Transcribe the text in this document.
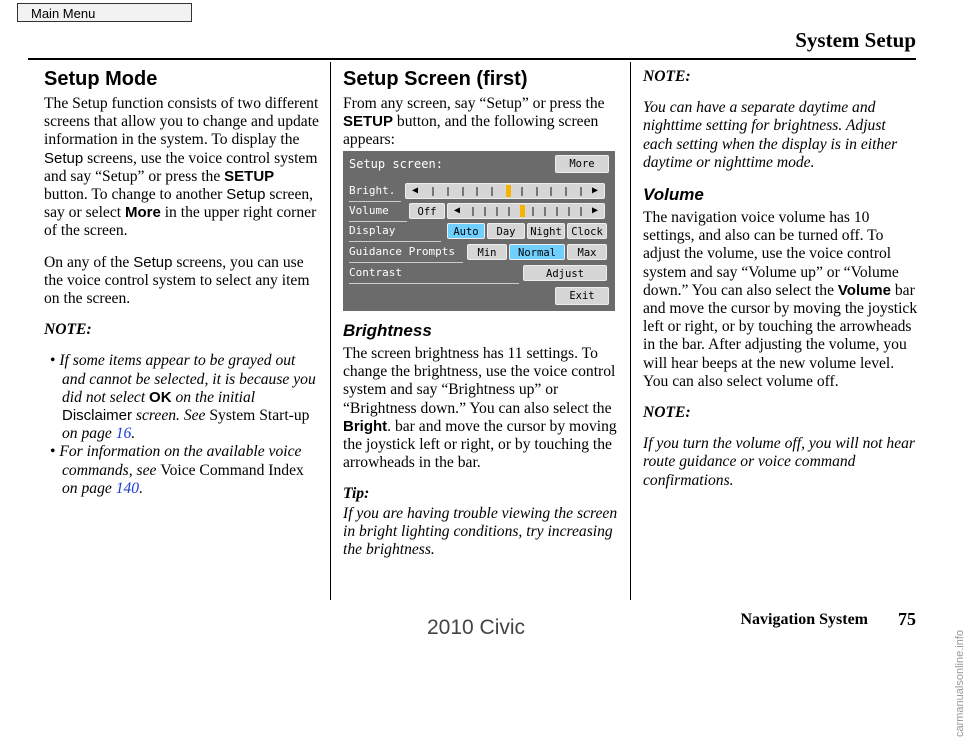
Main Menu
System Setup
Setup Mode

The Setup function consists of two different screens that allow you to change and update information in the system. To display the Setup screens, use the voice control system and say “Setup” or press the SETUP button. To change to another Setup screen, say or select More in the upper right corner of the screen.

On any of the Setup screens, you can use the voice control system to select any item on the screen.

NOTE:

• If some items appear to be grayed out and cannot be selected, it is because you did not select OK on the initial Disclaimer screen. See System Start-up on page 16.
• For information on the available voice commands, see Voice Command Index on page 140.
Setup Screen (first)

From any screen, say “Setup” or press the SETUP button, and the following screen appears:

Setup screen:	More
Bright. ◀	▶
Volume	Off	◀	▶
Display	Auto	Day	Night Clock
Guidance Prompts	Min	Normal	Max
Contrast	Adjust
Exit
Brightness

The screen brightness has 11 settings. To change the brightness, use the voice control system and say “Brightness up” or “Brightness down.” You can also select the Bright. bar and move the cursor by moving the joystick left or right, or by touching the arrowheads in the bar.

Tip:

If you are having trouble viewing the screen in bright lighting conditions, try increasing the brightness.

NOTE:

You can have a separate daytime and nighttime setting for brightness. Adjust each setting when the display is in either daytime or nighttime mode.

Volume

The navigation voice volume has 10 settings, and also can be turned off. To adjust the volume, use the voice control system and say “Volume up” or “Volume down.” You can also select the Volume bar and move the cursor by moving the joystick left or right, or by touching the arrowheads in the bar. After adjusting the volume, you will hear beeps at the new volume level. You can also select volume off.

NOTE:

If you turn the volume off, you will not hear route guidance or voice command confirmations.

Navigation System 75
2010 Civic
carmanualsonline.info
